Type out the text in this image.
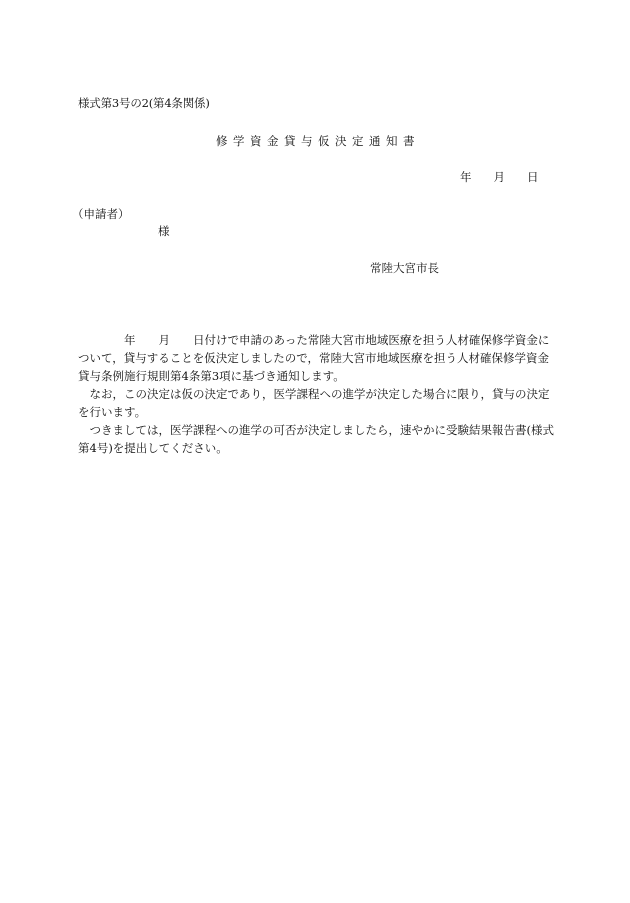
様式第3号の2(第4条関係)
修学資金貸与仮決定通知書
年 月 日
（申請者）
様
常陸大宮市長

年　　月　　日付けで申請のあった常陸大宮市地域医療を担う人材確保修学資金に

ついて，貸与することを仮決定しましたので，常陸大宮市地域医療を担う人材確保修学資金

貸与条例施行規則第4条第3項に基づき通知します。

　なお，この決定は仮の決定であり，医学課程への進学が決定した場合に限り，貸与の決定

を行います。

　つきましては，医学課程への進学の可否が決定しましたら，速やかに受験結果報告書(様式

第4号)を提出してください。
